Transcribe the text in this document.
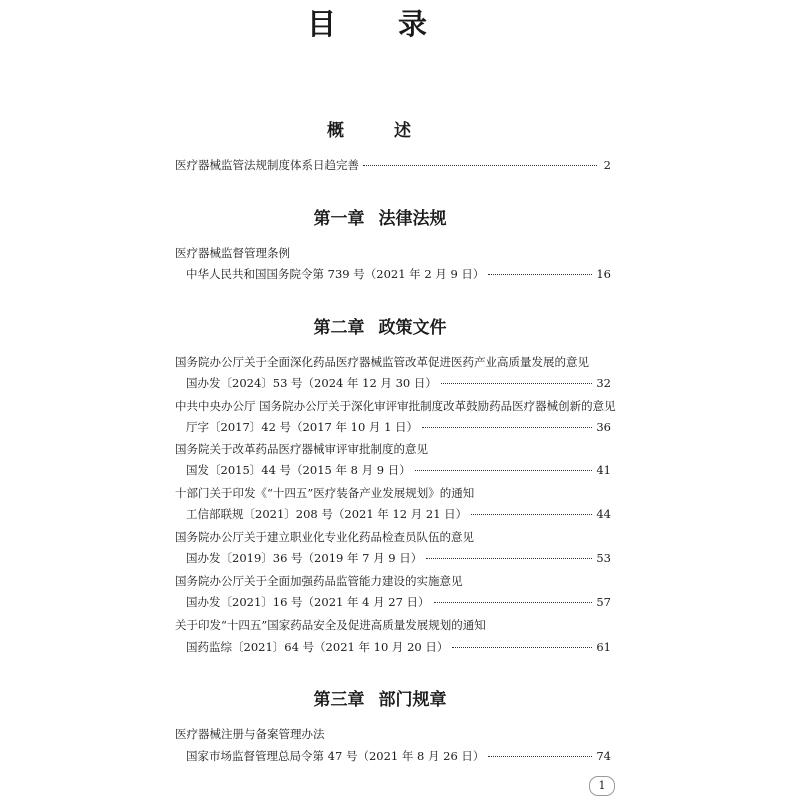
目 录
概 述
医疗器械监管法规制度体系日趋完善	2
第一章 法律法规
医疗器械监督管理条例
中华人民共和国国务院令第 739 号（2021 年 2 月 9 日）	16
第二章 政策文件
国务院办公厅关于全面深化药品医疗器械监管改革促进医药产业高质量发展的意见
国办发〔2024〕53 号（2024 年 12 月 30 日）	32
中共中央办公厅 国务院办公厅关于深化审评审批制度改革鼓励药品医疗器械创新的意见
厅字〔2017〕42 号（2017 年 10 月 1 日）	36
国务院关于改革药品医疗器械审评审批制度的意见
国发〔2015〕44 号（2015 年 8 月 9 日）	41
十部门关于印发《“十四五”医疗装备产业发展规划》的通知
工信部联规〔2021〕208 号（2021 年 12 月 21 日）	44
国务院办公厅关于建立职业化专业化药品检查员队伍的意见
国办发〔2019〕36 号（2019 年 7 月 9 日）	53
国务院办公厅关于全面加强药品监管能力建设的实施意见
国办发〔2021〕16 号（2021 年 4 月 27 日）	57
关于印发“十四五”国家药品安全及促进高质量发展规划的通知
国药监综〔2021〕64 号（2021 年 10 月 20 日）	61
第三章 部门规章
医疗器械注册与备案管理办法
国家市场监督管理总局令第 47 号（2021 年 8 月 26 日）	74
1
